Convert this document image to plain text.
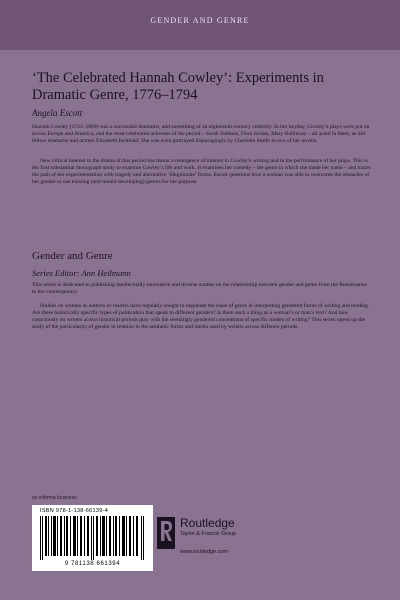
GENDER AND GENRE
‘The Celebrated Hannah Cowley’: Experiments in Dramatic Genre, 1776–1794
Angela Escott

Hannah Cowley (1743–1809) was a successful dramatist, and something of an eighteenth-century celebrity. In her heyday, Cowley’s plays were put on across Europe and America, and the most celebrated actresses of the period – Sarah Siddons, Dora Jordan, Mary Robinson – all acted in them, as did fellow dramatist and actress Elizabeth Inchbald. She was even portrayed disparagingly by Charlotte Smith in two of her novels.

New critical interest in the drama of this period has meant a resurgence of interest in Cowley’s writing and in the performance of her plays. This is the first substantial monograph study to examine Cowley’s life and work. It examines her comedy – the genre in which she made her name – and traces the path of her experimentation with tragedy and alternative ‘illegitimate’ forms. Escott questions how a woman was able to overcome the obstacles of her gender to use existing (and mould developing) genres for her purpose.

Gender and Genre
Series Editor: Ann Heilmann

This series is dedicated to publishing intellectually innovative and diverse studies on the relationship between gender and genre from the Renaissance to the contemporary.

Studies on women as authors or readers have regularly sought to negotiate the issue of genre in interpreting gendered forms of writing and reading. Are there historically specific types of publication that speak to different genders? Is there such a thing as a woman’s or man’s text? And how consciously do writers across historical periods play with the seemingly gendered conventions of specific modes of writing? This series opens up the study of the particularity of gender in relation to the aesthetic forms and media used by writers across different periods.

an informa business
ISBN 978-1-138-66139-4
9 781138 661394
Routledge
Taylor & Francis Group
www.routledge.com
